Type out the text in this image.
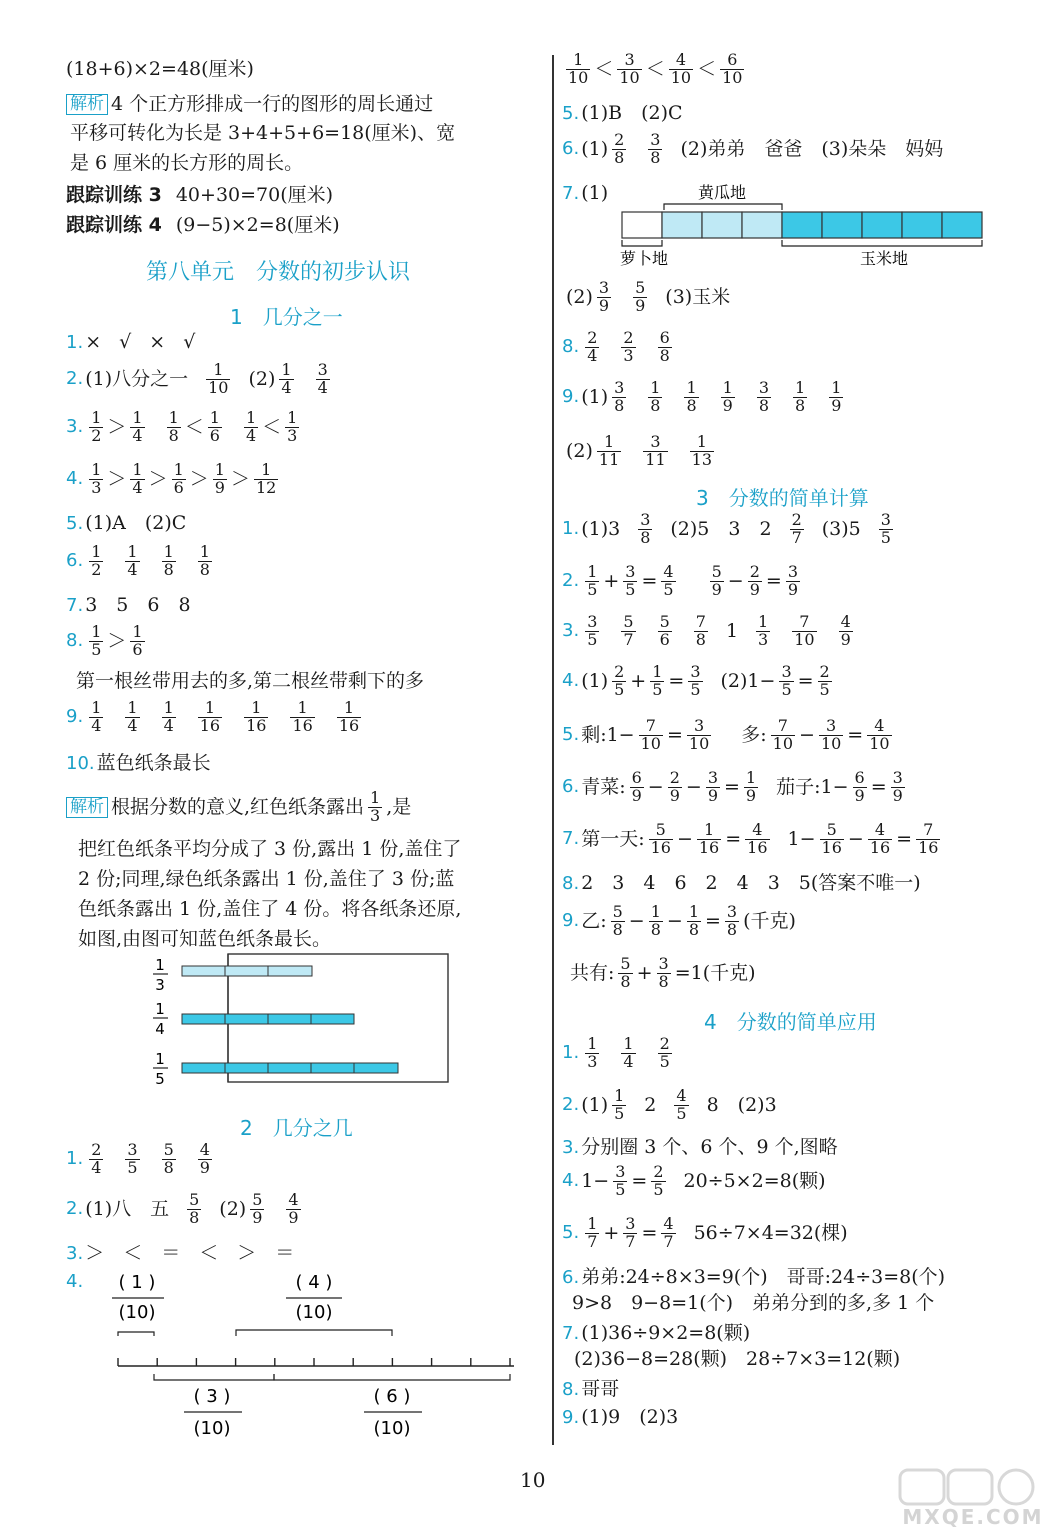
(18+6)×2=48(厘米)
解析 4 个正方形排成一行的图形的周长通过
平移可转化为长是 3+4+5+6=18(厘米)、宽
是 6 厘米的长方形的周长。
跟踪训练 3 40+30=70(厘米)
跟踪训练 4 (9−5)×2=8(厘米)
第八单元　分数的初步认识
1　几分之一
1. × √ × √
2. (1)八分之一 $\frac{1}{10} (2) \frac{1}{4} \frac{3}{4}$
3. $\frac{1}{2} > \frac{1}{4} \frac{1}{8} < \frac{1}{6} \frac{1}{4} < \frac{1}{3}$
4. $\frac{1}{3} > \frac{1}{4} > \frac{1}{6} > \frac{1}{9} > \frac{1}{12}$
5. (1)A　(2)C
6. $\frac{1}{2} \frac{1}{4} \frac{1}{8} \frac{1}{8}$
7. 3　5　6　8
8. $\frac{1}{5} > \frac{1}{6}$
第一根丝带用去的多,第二根丝带剩下的多
9. $\frac{1}{4} \frac{1}{4} \frac{1}{4} \frac{1}{16} \frac{1}{16} \frac{1}{16} \frac{1}{16}$
10. 蓝色纸条最长
解析 根据分数的意义,红色纸条露出 $\frac{1}{3}$ ,是
把红色纸条平均分成了 3 份,露出 1 份,盖住了
2 份;同理,绿色纸条露出 1 份,盖住了 3 份;蓝
色纸条露出 1 份,盖住了 4 份。将各纸条还原,
如图,由图可知蓝色纸条最长。
1
3
1
4
1
5
2　几分之几
1. $\frac{2}{4} \frac{3}{5} \frac{5}{8} \frac{4}{9}$
2. (1)八　五 $\frac{5}{8} (2) \frac{5}{9} \frac{4}{9}$
3. ＞　＜　＝　＜　＞　＝
4. ( 1 )
(10)
( 4 )
(10)
( 3 )
(10)
( 6 )
(10)
$\frac{1}{10} < \frac{3}{10} < \frac{4}{10} < \frac{6}{10}$
5. (1)B　(2)C
6. $(1) \frac{2}{8} \frac{3}{8} (2)$弟弟　爸爸　(3)朵朵　妈妈
7. (1)	黄瓜地
萝卜地	玉米地
$(2) \frac{3}{9} \frac{5}{9} (3)$玉米
8. $\frac{2}{4} \frac{2}{3} \frac{6}{8}$
9. $(1) \frac{3}{8} \frac{1}{8} \frac{1}{8} \frac{1}{9} \frac{3}{8} \frac{1}{8} \frac{1}{9}$
$(2) \frac{1}{11} \frac{3}{11} \frac{1}{13}$
3　分数的简单计算
1. $(1)3 \frac{3}{8} (2)5$　3　$2 \frac{2}{7} (3)5 \frac{3}{5}$
2. $\frac{1}{5} + \frac{3}{5} = \frac{4}{5} \frac{5}{9} - \frac{2}{9} = \frac{3}{9}$
3. $\frac{3}{5} \frac{5}{7} \frac{5}{6} \frac{7}{8} 1 \frac{1}{3} \frac{7}{10} \frac{4}{9}$
4. $(1) \frac{2}{5} + \frac{1}{5} = \frac{3}{5} (2)1- \frac{3}{5} = \frac{2}{5}$
5. 剩:1− $\frac{7}{10} = \frac{3}{10}$ 多: $\frac{7}{10} - \frac{3}{10} = \frac{4}{10}$
6. 青菜: $\frac{6}{9} - \frac{2}{9} - \frac{3}{9} = \frac{1}{9}$ 茄子:1− $\frac{6}{9} = \frac{3}{9}$
7. 第一天: $\frac{5}{16} - \frac{1}{16} = \frac{4}{16} 1- \frac{5}{16} - \frac{4}{16} = \frac{7}{16}$
8. 2　3　4　6　2　4　3　5(答案不唯一)
9. 乙: $\frac{5}{8} - \frac{1}{8} - \frac{1}{8} = \frac{3}{8}$ (千克)
共有: $\frac{5}{8} + \frac{3}{8} =1$(千克)
4　分数的简单应用
1. $\frac{1}{3} \frac{1}{4} \frac{2}{5}$
2. $(1) \frac{1}{5} 2 \frac{4}{5} 8$　(2)3
3. 分别圈 3 个、6 个、9 个,图略
4. $1- \frac{3}{5} = \frac{2}{5} 20\div 5\times 2=8$(颗)
5. $\frac{1}{7} + \frac{3}{7} = \frac{4}{7} 56\div 7\times 4=32$(棵)
6. 弟弟:24÷8×3=9(个)　哥哥:24÷3=8(个)
9>8　9−8=1(个)　弟弟分到的多,多 1 个
7. (1)36÷9×2=8(颗)
(2)36−8=28(颗)　28÷7×3=12(颗)
8. 哥哥
9. (1)9　(2)3
10
MXQE.COM
